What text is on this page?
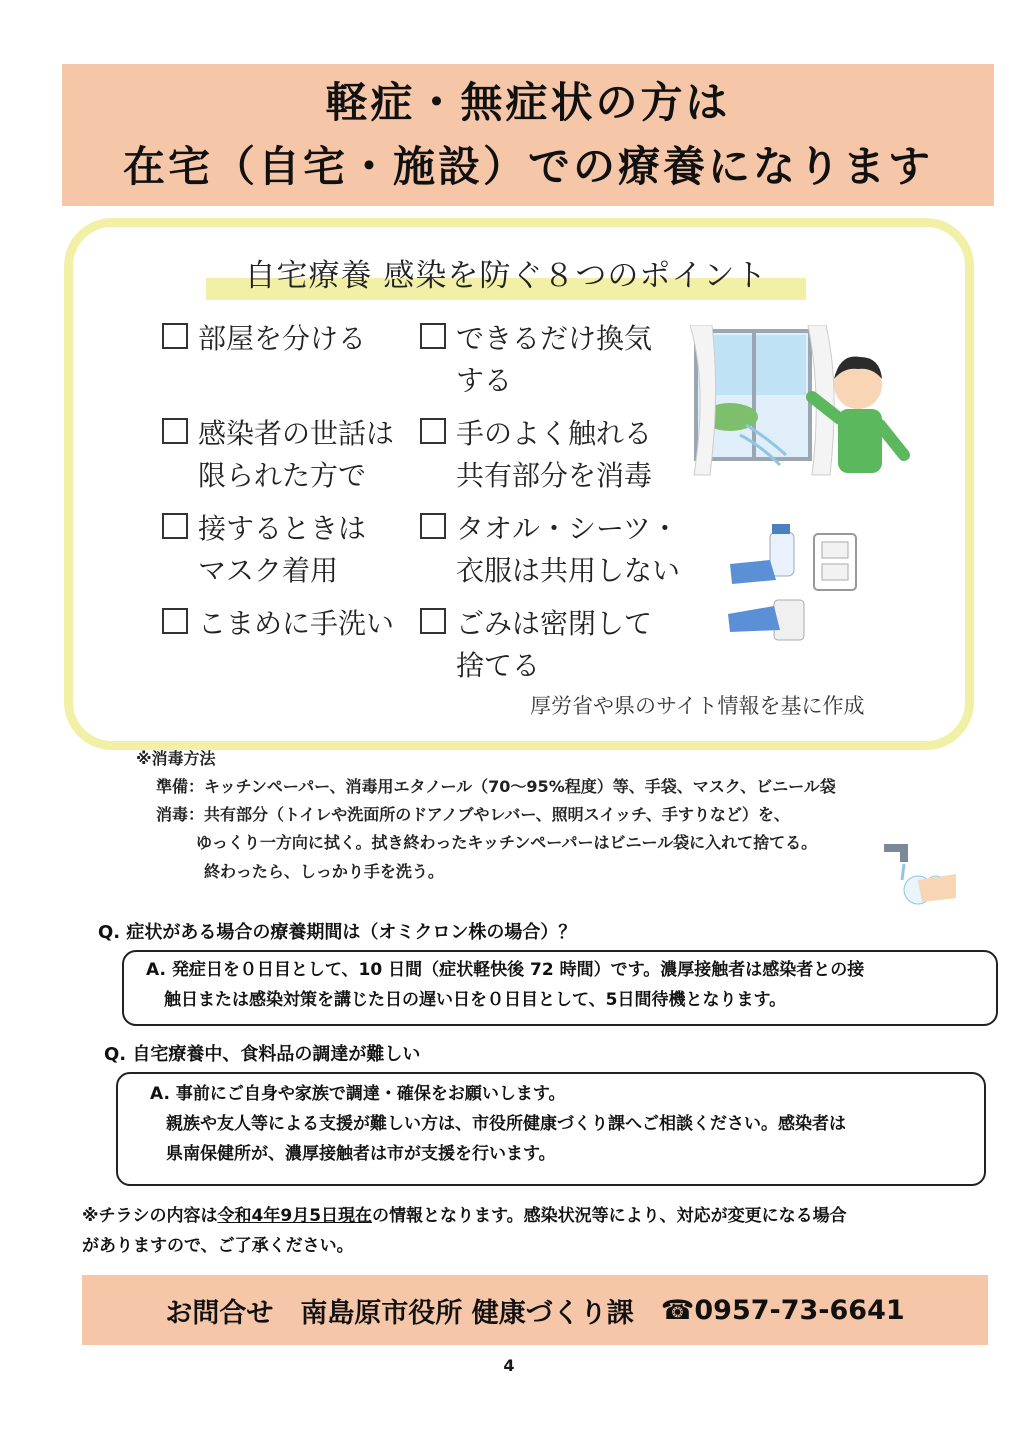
軽症・無症状の方は
在宅（自宅・施設）での療養になります
自宅療養 感染を防ぐ８つのポイント
部屋を分ける	できるだけ換気
する
感染者の世話は
限られた方で
手のよく触れる
共有部分を消毒
接するときは
マスク着用
タオル・シーツ・
衣服は共用しない
こまめに手洗い	ごみは密閉して
捨てる
厚労省や県のサイト情報を基に作成
※消毒方法
準備：キッチンペーパー、消毒用エタノール（70～95%程度）等、手袋、マスク、ビニール袋
消毒：共有部分（トイレや洗面所のドアノブやレバー、照明スイッチ、手すりなど）を、
ゆっくり一方向に拭く。拭き終わったキッチンペーパーはビニール袋に入れて捨てる。
終わったら、しっかり手を洗う。
Q. 症状がある場合の療養期間は（オミクロン株の場合）？
A. 発症日を０日目として、10 日間（症状軽快後 72 時間）です。濃厚接触者は感染者との接
触日または感染対策を講じた日の遅い日を０日目として、5日間待機となります。
Q. 自宅療養中、食料品の調達が難しい
A. 事前にご自身や家族で調達・確保をお願いします。
親族や友人等による支援が難しい方は、市役所健康づくり課へご相談ください。感染者は
県南保健所が、濃厚接触者は市が支援を行います。
※チラシの内容は令和4年9月5日現在の情報となります。感染状況等により、対応が変更になる場合
がありますので、ご了承ください。
お問合せ　南島原市役所 健康づくり課　 ☎ 0957-73-6641
4
